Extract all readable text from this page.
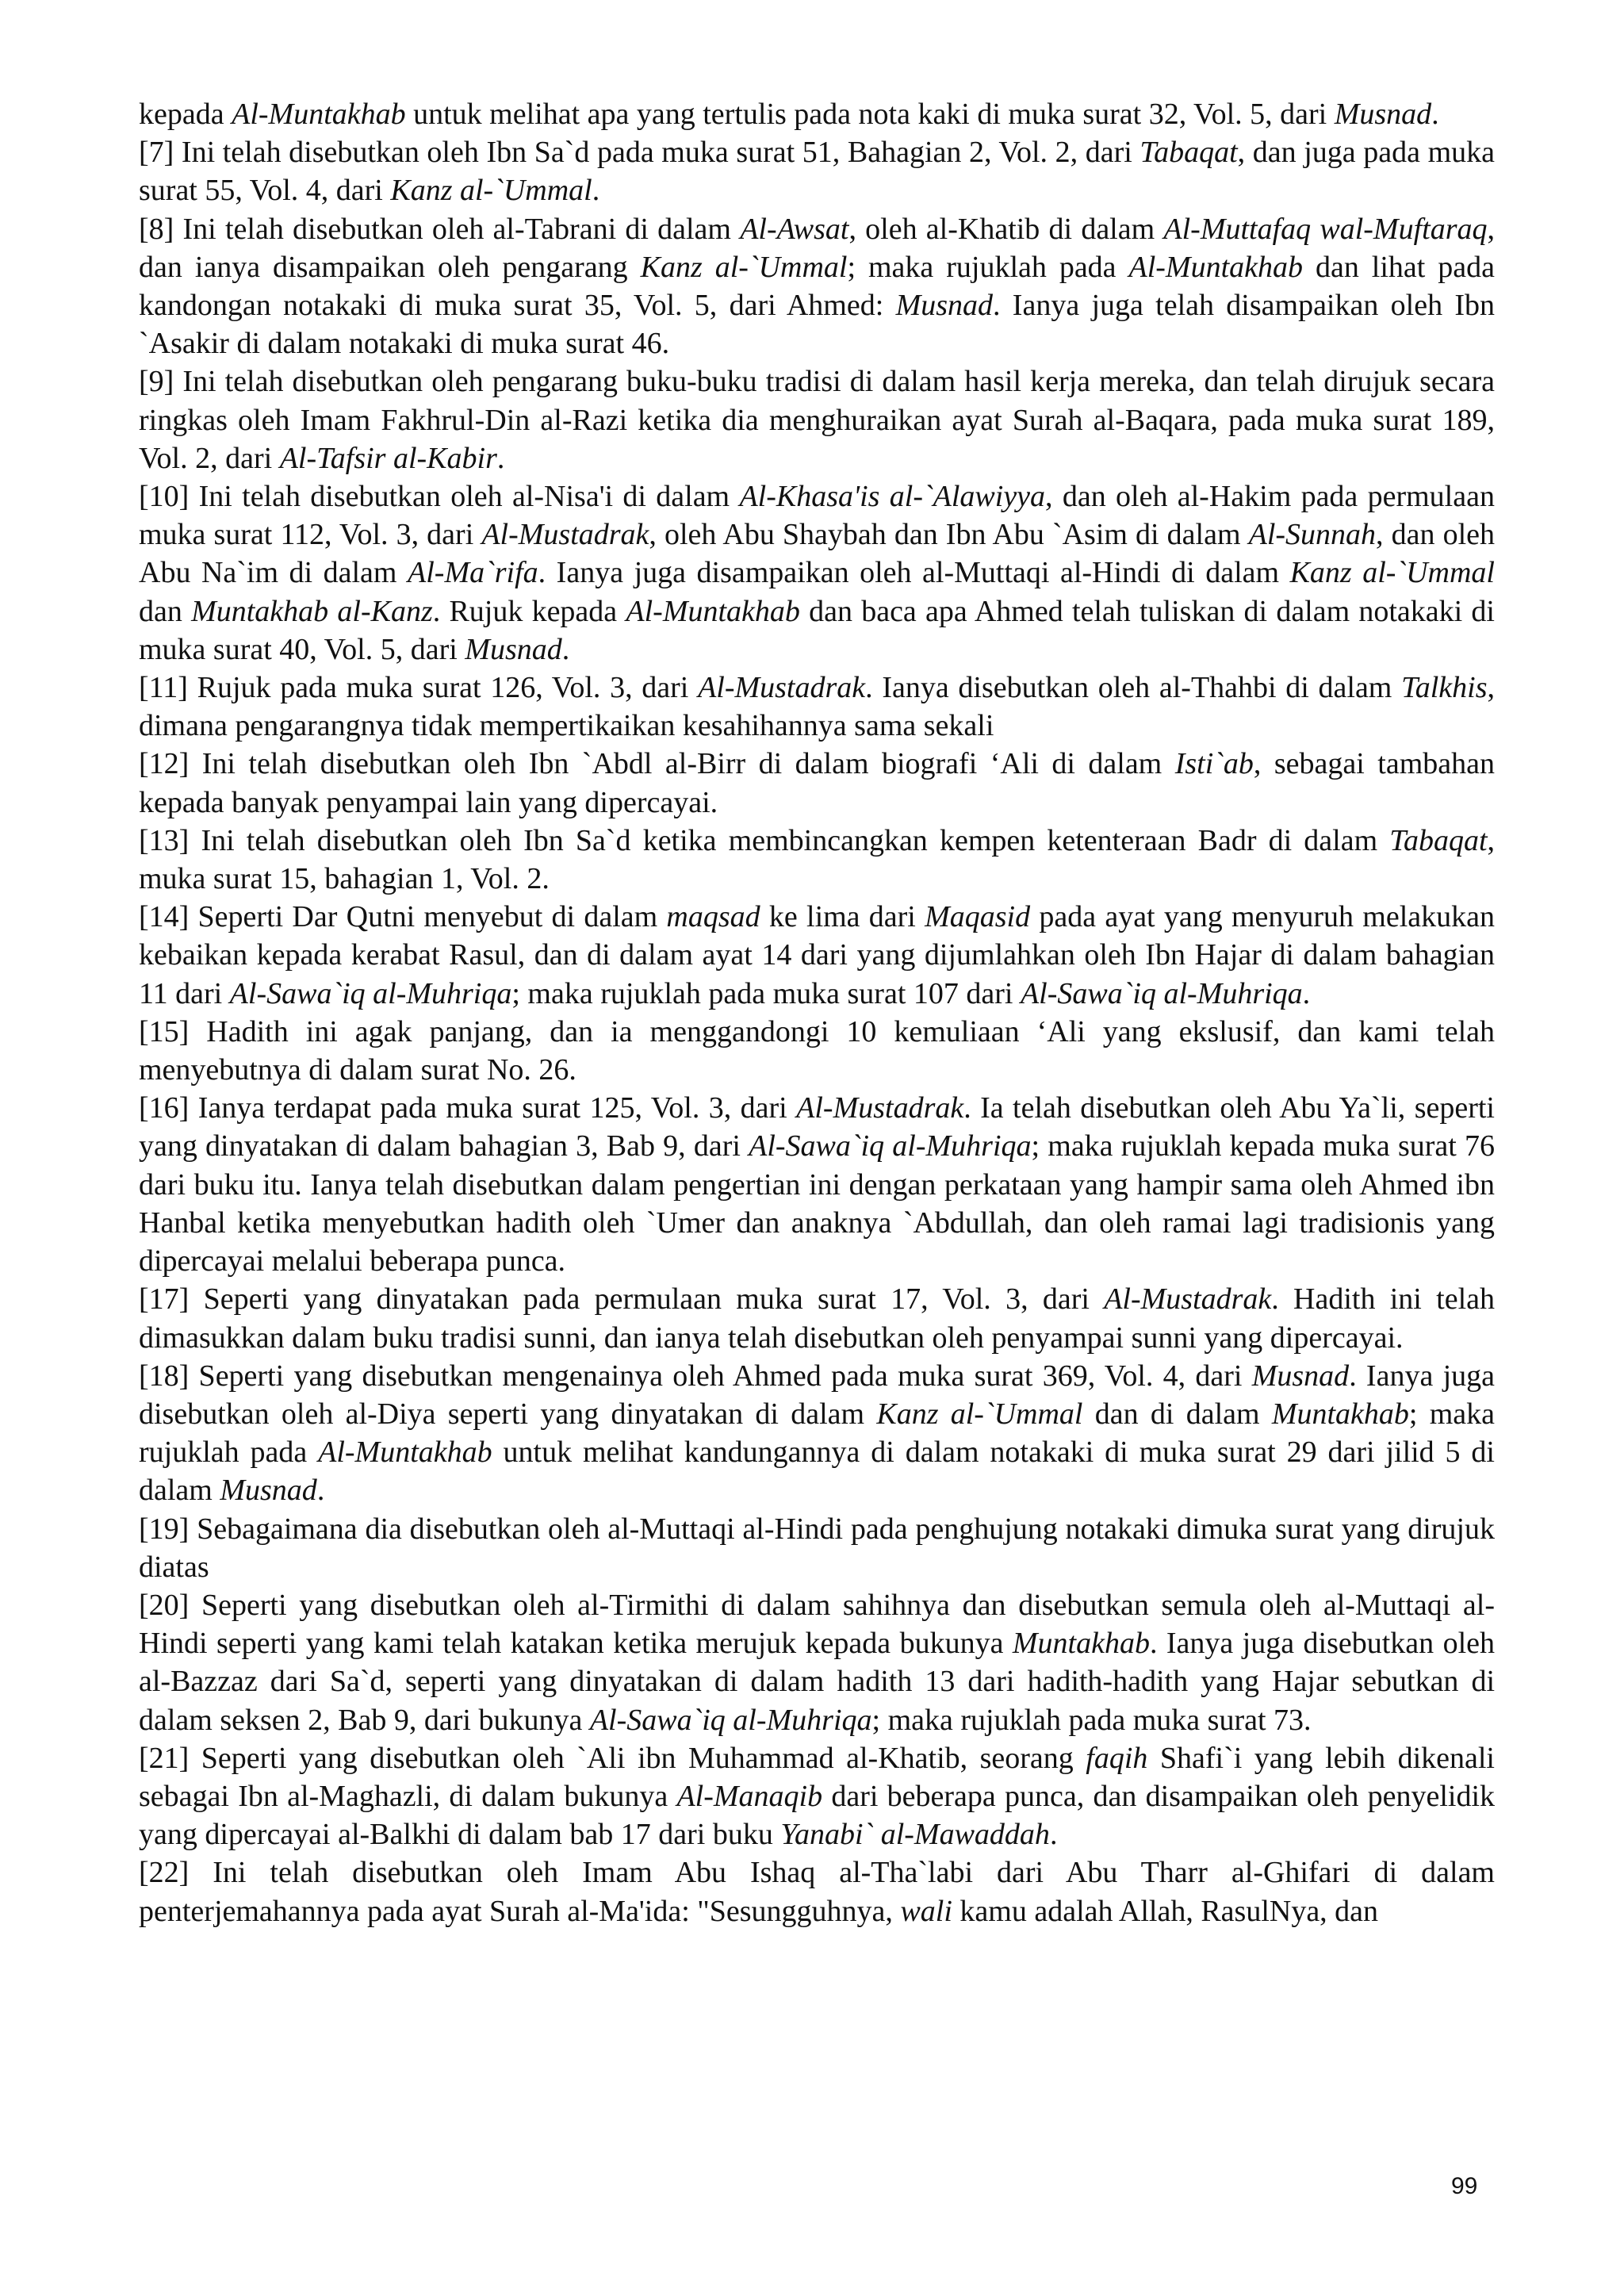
kepada Al-Muntakhab untuk melihat apa yang tertulis pada nota kaki di muka surat 32, Vol. 5, dari Musnad.

[7] Ini telah disebutkan oleh Ibn Sa`d pada muka surat 51, Bahagian 2, Vol. 2, dari Tabaqat, dan juga pada muka surat 55, Vol. 4, dari Kanz al-`Ummal.

[8] Ini telah disebutkan oleh al-Tabrani di dalam Al-Awsat, oleh al-Khatib di dalam Al-Muttafaq wal-Muftaraq, dan ianya disampaikan oleh pengarang Kanz al-`Ummal; maka rujuklah pada Al-Muntakhab dan lihat pada kandongan notakaki di muka surat 35, Vol. 5, dari Ahmed: Musnad. Ianya juga telah disampaikan oleh Ibn `Asakir di dalam notakaki di muka surat 46.

[9] Ini telah disebutkan oleh pengarang buku-buku tradisi di dalam hasil kerja mereka, dan telah dirujuk secara ringkas oleh Imam Fakhrul-Din al-Razi ketika dia menghuraikan ayat Surah al-Baqara, pada muka surat 189, Vol. 2, dari Al-Tafsir al-Kabir.

[10] Ini telah disebutkan oleh al-Nisa'i di dalam Al-Khasa'is al-`Alawiyya, dan oleh al-Hakim pada permulaan muka surat 112, Vol. 3, dari Al-Mustadrak, oleh Abu Shaybah dan Ibn Abu `Asim di dalam Al-Sunnah, dan oleh  Abu Na`im di dalam Al-Ma`rifa. Ianya juga disampaikan oleh al-Muttaqi al-Hindi di dalam Kanz al-`Ummal dan Muntakhab al-Kanz. Rujuk kepada Al-Muntakhab dan baca apa Ahmed telah tuliskan di dalam notakaki di muka surat 40, Vol. 5, dari Musnad.

[11] Rujuk pada muka surat 126, Vol. 3, dari Al-Mustadrak. Ianya disebutkan oleh al-Thahbi di dalam Talkhis, dimana pengarangnya tidak mempertikaikan kesahihannya sama sekali

[12] Ini telah disebutkan oleh Ibn `Abdl al-Birr di dalam biografi ‘Ali di dalam Isti`ab, sebagai tambahan kepada banyak penyampai lain yang dipercayai.

[13] Ini telah disebutkan oleh Ibn Sa`d ketika membincangkan kempen ketenteraan Badr di dalam Tabaqat, muka surat 15, bahagian 1, Vol. 2.

[14] Seperti Dar Qutni menyebut di dalam maqsad ke lima dari Maqasid pada ayat yang menyuruh melakukan kebaikan kepada kerabat Rasul, dan di dalam ayat 14 dari yang dijumlahkan oleh Ibn Hajar di dalam bahagian  11 dari Al-Sawa`iq al-Muhriqa; maka rujuklah pada muka surat 107 dari Al-Sawa`iq al-Muhriqa.

[15] Hadith ini agak panjang, dan ia menggandongi 10 kemuliaan ‘Ali yang ekslusif, dan kami telah menyebutnya di dalam surat No. 26.

[16] Ianya terdapat pada muka surat 125, Vol. 3, dari Al-Mustadrak. Ia telah disebutkan oleh Abu Ya`li, seperti yang dinyatakan di dalam bahagian 3, Bab 9, dari Al-Sawa`iq al-Muhriqa; maka rujuklah kepada muka surat 76 dari buku itu. Ianya telah disebutkan dalam pengertian ini dengan perkataan yang hampir sama oleh Ahmed ibn Hanbal ketika menyebutkan hadith oleh `Umer dan anaknya `Abdullah, dan oleh ramai lagi tradisionis yang dipercayai melalui beberapa punca.

[17] Seperti yang dinyatakan pada permulaan muka surat 17, Vol. 3, dari Al-Mustadrak. Hadith ini telah dimasukkan dalam buku tradisi sunni, dan ianya telah disebutkan oleh penyampai sunni yang dipercayai.

[18] Seperti yang disebutkan mengenainya oleh Ahmed pada muka surat 369, Vol. 4, dari Musnad. Ianya juga disebutkan oleh al-Diya seperti yang dinyatakan di dalam Kanz al-`Ummal dan di dalam Muntakhab; maka rujuklah pada Al-Muntakhab untuk melihat kandungannya di dalam notakaki di muka surat 29 dari jilid 5 di dalam Musnad.

[19] Sebagaimana dia disebutkan oleh al-Muttaqi al-Hindi pada penghujung notakaki dimuka surat yang dirujuk diatas

[20] Seperti yang disebutkan oleh al-Tirmithi di dalam sahihnya dan disebutkan semula oleh al-Muttaqi al-Hindi seperti yang kami telah katakan ketika merujuk kepada bukunya Muntakhab. Ianya juga disebutkan oleh al-Bazzaz dari Sa`d, seperti yang dinyatakan di dalam hadith 13 dari hadith-hadith yang Hajar sebutkan di dalam seksen 2, Bab 9, dari bukunya Al-Sawa`iq al-Muhriqa; maka rujuklah pada muka surat 73.

[21] Seperti yang disebutkan oleh `Ali ibn Muhammad al-Khatib, seorang faqih Shafi`i yang lebih dikenali sebagai Ibn al-Maghazli, di dalam bukunya Al-Manaqib dari beberapa punca, dan disampaikan oleh penyelidik yang dipercayai al-Balkhi di dalam bab 17 dari buku Yanabi` al-Mawaddah.

[22] Ini telah disebutkan oleh Imam Abu Ishaq al-Tha`labi dari Abu Tharr al-Ghifari di dalam penterjemahannya pada ayat Surah al-Ma'ida: "Sesungguhnya, wali kamu adalah Allah, RasulNya, dan

99
